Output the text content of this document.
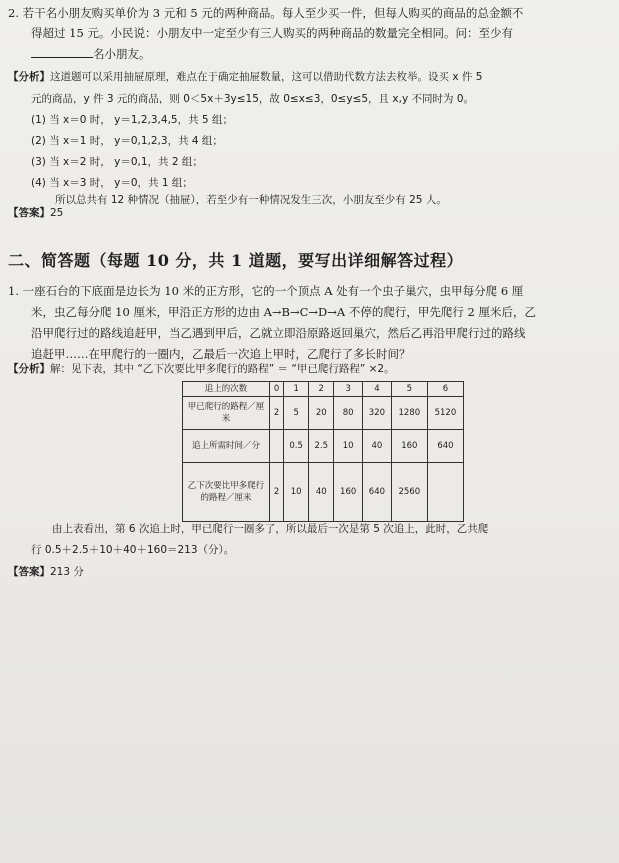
2. 若干名小朋友购买单价为 3 元和 5 元的两种商品。每人至少买一件，但每人购买的商品的总金额不
得超过 15 元。小民说：小朋友中一定至少有三人购买的两种商品的数量完全相同。问：至少有
名小朋友。
【分析】这道题可以采用抽屉原理，难点在于确定抽屉数量，这可以借助代数方法去枚举。设买 x 件 5
元的商品，y 件 3 元的商品，则 0＜5x＋3y≤15，故 0≤x≤3，0≤y≤5，且 x,y 不同时为 0。
(1) 当 x＝0 时， y＝1,2,3,4,5，共 5 组；
(2) 当 x＝1 时， y＝0,1,2,3，共 4 组；
(3) 当 x＝2 时， y＝0,1，共 2 组；
(4) 当 x＝3 时， y＝0，共 1 组；
所以总共有 12 种情况（抽屉），若至少有一种情况发生三次，小朋友至少有 25 人。
【答案】25
二、简答题（每题 10 分，共 1 道题，要写出详细解答过程）
1. 一座石台的下底面是边长为 10 米的正方形，它的一个顶点 A 处有一个虫子巢穴，虫甲每分爬 6 厘
米，虫乙每分爬 10 厘米，甲沿正方形的边由 A→B→C→D→A 不停的爬行，甲先爬行 2 厘米后，乙
沿甲爬行过的路线追赶甲，当乙遇到甲后，乙就立即沿原路返回巢穴，然后乙再沿甲爬行过的路线
追赶甲……在甲爬行的一圈内，乙最后一次追上甲时，乙爬行了多长时间？
【分析】解：见下表，其中 “乙下次要比甲多爬行的路程” ＝ “甲已爬行路程” ×2。
追上的次数	0	1	2	3	4	5	6
甲已爬行的路程／厘米	2	5	20	80	320	1280	5120
追上所需时间／分		0.5	2.5	10	40	160	640
乙下次要比甲多爬行的路程／厘米	2	10	40	160	640	2560	
由上表看出，第 6 次追上时，甲已爬行一圈多了，所以最后一次是第 5 次追上，此时，乙共爬
行 0.5＋2.5＋10＋40＋160＝213（分）。
【答案】213 分
